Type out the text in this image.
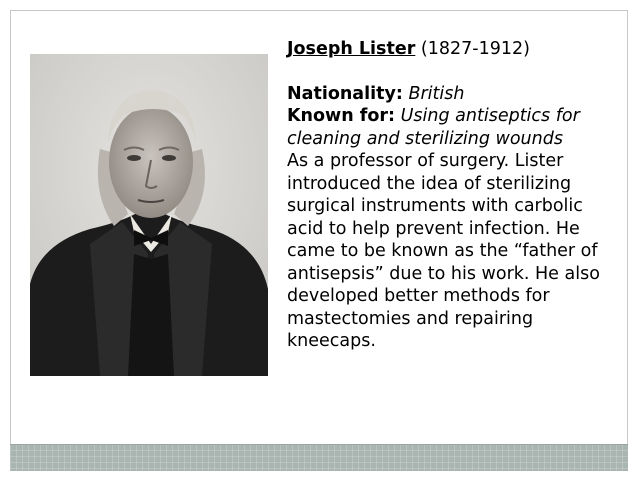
Joseph Lister (1827-1912)

Nationality: British

Known for: Using antiseptics for cleaning and sterilizing wounds

As a professor of surgery. Lister introduced the idea of sterilizing surgical instruments with carbolic acid to help prevent infection. He came to be known as the “father of antisepsis” due to his work. He also developed better methods for mastectomies and repairing kneecaps.
